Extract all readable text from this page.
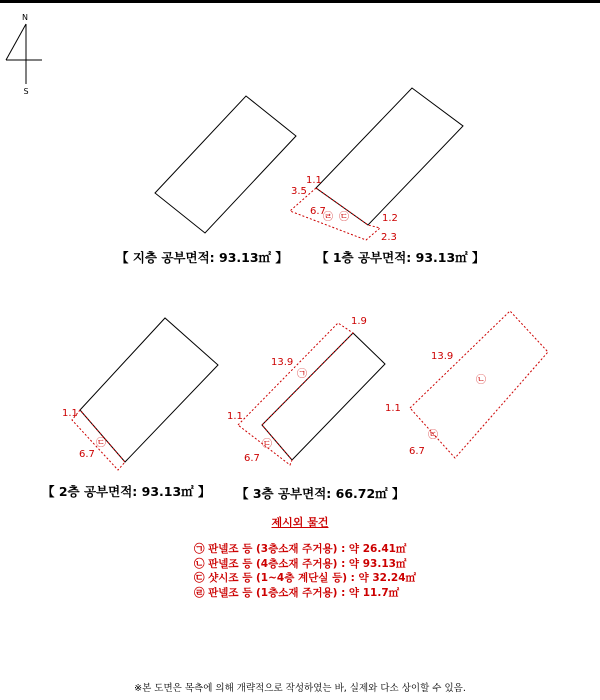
N
S
1.1
3.5
6.7
1.2
2.3
㉣ ㉢
1.1
6.7
㉢
13.9
1.9
1.1
6.7
㉠
㉢
13.9
1.1
6.7
㉡
㉢
【 지층 공부면적: 93.13㎡ 】 【 1층 공부면적: 93.13㎡ 】
【 2층 공부면적: 93.13㎡ 】 【 3층 공부면적: 66.72㎡ 】
제시외 물건
㉠ 판넬조 등 (3층소재 주거용) : 약 26.41㎡
㉡ 판넬조 등 (4층소재 주거용) : 약 93.13㎡
㉢ 샷시조 등 (1~4층 계단실 등) : 약 32.24㎡
㉣ 판넬조 등 (1층소재 주거용) : 약 11.7㎡
※본 도면은 목측에 의해 개략적으로 작성하였는 바, 실제와 다소 상이할 수 있음.
